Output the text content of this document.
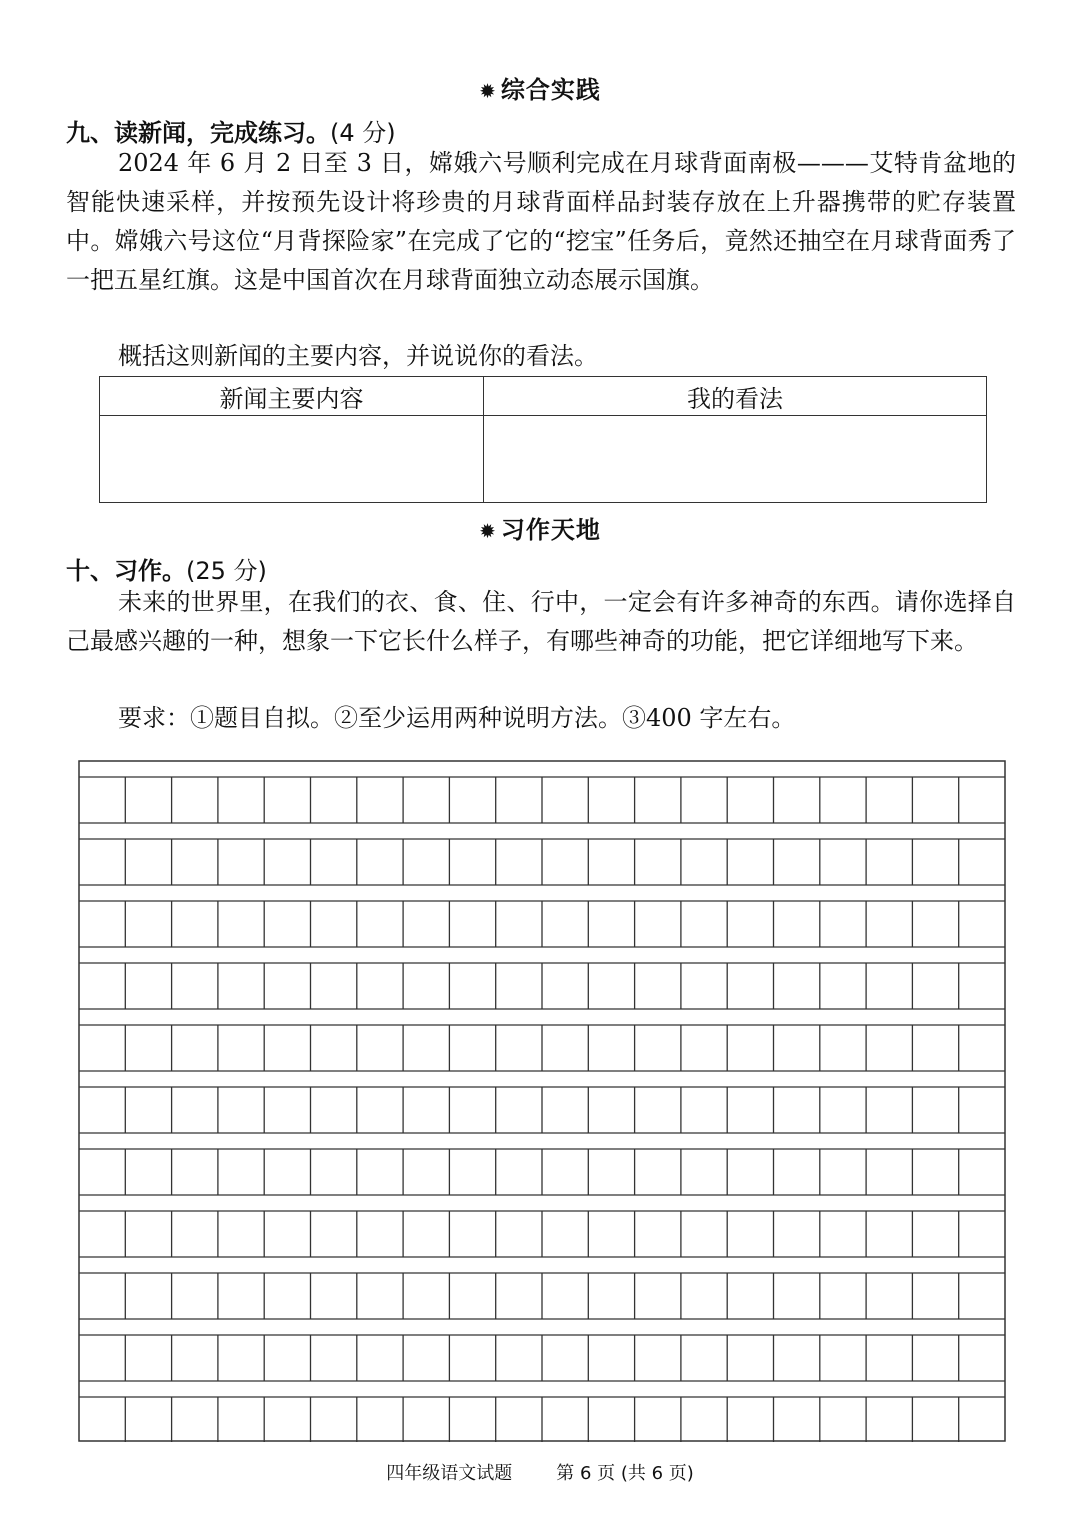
✹ 综合实践
九、读新闻，完成练习。(4 分)

2024 年 6 月 2 日至 3 日，嫦娥六号顺利完成在月球背面南极———艾特肯盆地的智能快速采样，并按预先设计将珍贵的月球背面样品封装存放在上升器携带的贮存装置中。嫦娥六号这位“月背探险家”在完成了它的“挖宝”任务后，竟然还抽空在月球背面秀了一把五星红旗。这是中国首次在月球背面独立动态展示国旗。

概括这则新闻的主要内容，并说说你的看法。

新闻主要内容	我的看法

✹ 习作天地
十、习作。(25 分)

未来的世界里，在我们的衣、食、住、行中，一定会有许多神奇的东西。请你选择自己最感兴趣的一种，想象一下它长什么样子，有哪些神奇的功能，把它详细地写下来。

要求：①题目自拟。②至少运用两种说明方法。③400 字左右。

四年级语文试题 第 6 页 (共 6 页)
